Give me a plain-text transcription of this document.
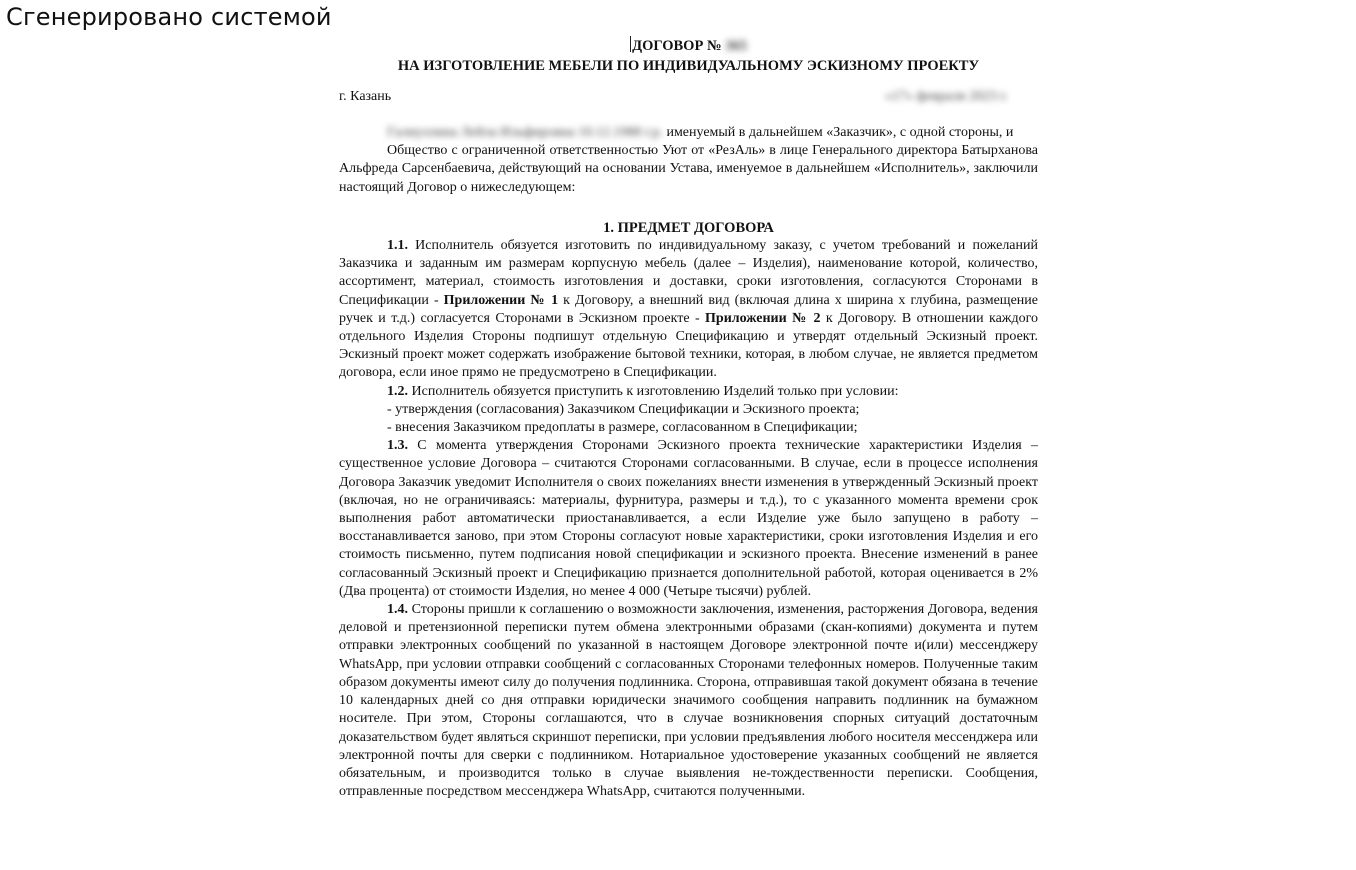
Сгенерировано системой
ДОГОВОР № 365
НА ИЗГОТОВЛЕНИЕ МЕБЕЛИ ПО ИНДИВИДУАЛЬНОМУ ЭСКИЗНОМУ ПРОЕКТУ
г. Казань	«17» февраля 2023 г.
Галиуллина Лейла Ильфировна 10.12.1988 г.р. именуемый в дальнейшем «Заказчик», с одной стороны, и
Общество с ограниченной ответственностью Уют от «РезАль» в лице Генерального директора Батырханова Альфреда Сарсенбаевича, действующий на основании Устава, именуемое в дальнейшем «Исполнитель», заключили настоящий Договор о нижеследующем:
1. ПРЕДМЕТ ДОГОВОРА
1.1. Исполнитель обязуется изготовить по индивидуальному заказу, с учетом требований и пожеланий Заказчика и заданным им размерам корпусную мебель (далее – Изделия), наименование которой, количество, ассортимент, материал, стоимость изготовления и доставки, сроки изготовления, согласуются Сторонами в Спецификации - Приложении № 1 к Договору, а внешний вид (включая длина х ширина х глубина, размещение ручек и т.д.) согласуется Сторонами в Эскизном проекте - Приложении № 2 к Договору. В отношении каждого отдельного Изделия Стороны подпишут отдельную Спецификацию и утвердят отдельный Эскизный проект. Эскизный проект может содержать изображение бытовой техники, которая, в любом случае, не является предметом договора, если иное прямо не предусмотрено в Спецификации.
1.2. Исполнитель обязуется приступить к изготовлению Изделий только при условии:
- утверждения (согласования) Заказчиком Спецификации и Эскизного проекта;
- внесения Заказчиком предоплаты в размере, согласованном в Спецификации;
1.3. С момента утверждения Сторонами Эскизного проекта технические характеристики Изделия – существенное условие Договора – считаются Сторонами согласованными. В случае, если в процессе исполнения Договора Заказчик уведомит Исполнителя о своих пожеланиях внести изменения в утвержденный Эскизный проект (включая, но не ограничиваясь: материалы, фурнитура, размеры и т.д.), то с указанного момента времени срок выполнения работ автоматически приостанавливается, а если Изделие уже было запущено в работу – восстанавливается заново, при этом Стороны согласуют новые характеристики, сроки изготовления Изделия и его стоимость письменно, путем подписания новой спецификации и эскизного проекта. Внесение изменений в ранее согласованный Эскизный проект и Спецификацию признается дополнительной работой, которая оценивается в 2% (Два процента) от стоимости Изделия, но менее 4 000 (Четыре тысячи) рублей.
1.4. Стороны пришли к соглашению о возможности заключения, изменения, расторжения Договора, ведения деловой и претензионной переписки путем обмена электронными образами (скан-копиями) документа и путем отправки электронных сообщений по указанной в настоящем Договоре электронной почте и(или) мессенджеру WhatsApp, при условии отправки сообщений с согласованных Сторонами телефонных номеров. Полученные таким образом документы имеют силу до получения подлинника. Сторона, отправившая такой документ обязана в течение 10 календарных дней со дня отправки юридически значимого сообщения направить подлинник на бумажном носителе. При этом, Стороны соглашаются, что в случае возникновения спорных ситуаций достаточным доказательством будет являться скриншот переписки, при условии предъявления любого носителя мессенджера или электронной почты для сверки с подлинником. Нотариальное удостоверение указанных сообщений не является обязательным, и производится только в случае выявления не-тождественности переписки. Сообщения, отправленные посредством мессенджера WhatsApp, считаются полученными.
